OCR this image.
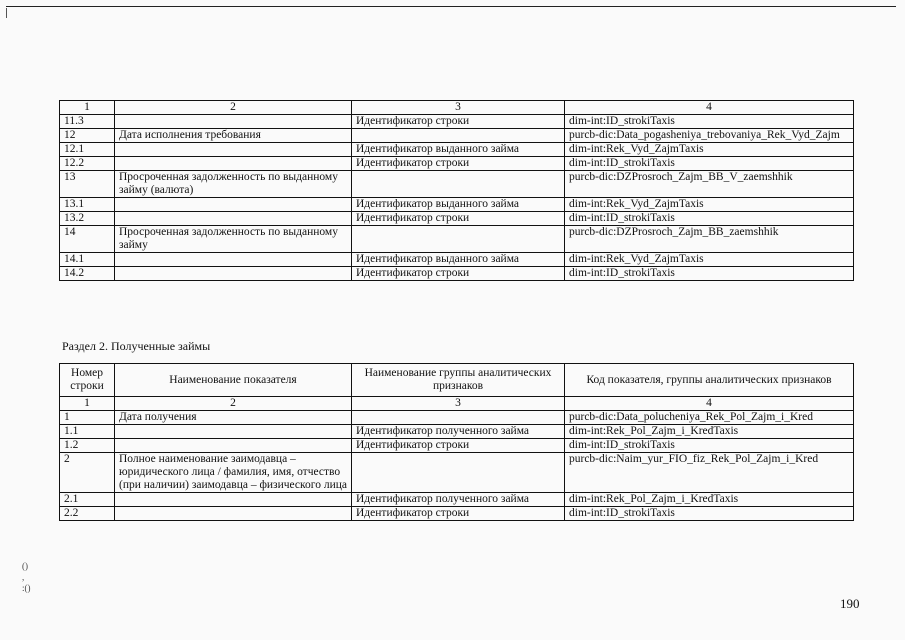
1	2	3	4
11.3		Идентификатор строки	dim-int:ID_strokiTaxis
12	Дата исполнения требования		purcb-dic:Data_pogasheniya_trebovaniya_Rek_Vyd_Zajm
12.1		Идентификатор выданного займа	dim-int:Rek_Vyd_ZajmTaxis
12.2		Идентификатор строки	dim-int:ID_strokiTaxis
13	Просроченная задолженность по выданному займу (валюта)		purcb-dic:DZProsroch_Zajm_BB_V_zaemshhik
13.1		Идентификатор выданного займа	dim-int:Rek_Vyd_ZajmTaxis
13.2		Идентификатор строки	dim-int:ID_strokiTaxis
14	Просроченная задолженность по выданному займу		purcb-dic:DZProsroch_Zajm_BB_zaemshhik
14.1		Идентификатор выданного займа	dim-int:Rek_Vyd_ZajmTaxis
14.2		Идентификатор строки	dim-int:ID_strokiTaxis
Раздел 2. Полученные займы
Номер строки	Наименование показателя	Наименование группы аналитических признаков	Код показателя, группы аналитических признаков
1	2	3	4
1	Дата получения		purcb-dic:Data_polucheniya_Rek_Pol_Zajm_i_Kred
1.1		Идентификатор полученного займа	dim-int:Rek_Pol_Zajm_i_KredTaxis
1.2		Идентификатор строки	dim-int:ID_strokiTaxis
2	Полное наименование заимодавца – юридического лица / фамилия, имя, отчество (при наличии) заимодавца – физического лица		purcb-dic:Naim_yur_FIO_fiz_Rek_Pol_Zajm_i_Kred
2.1		Идентификатор полученного займа	dim-int:Rek_Pol_Zajm_i_KredTaxis
2.2		Идентификатор строки	dim-int:ID_strokiTaxis
()
,
:()
190
